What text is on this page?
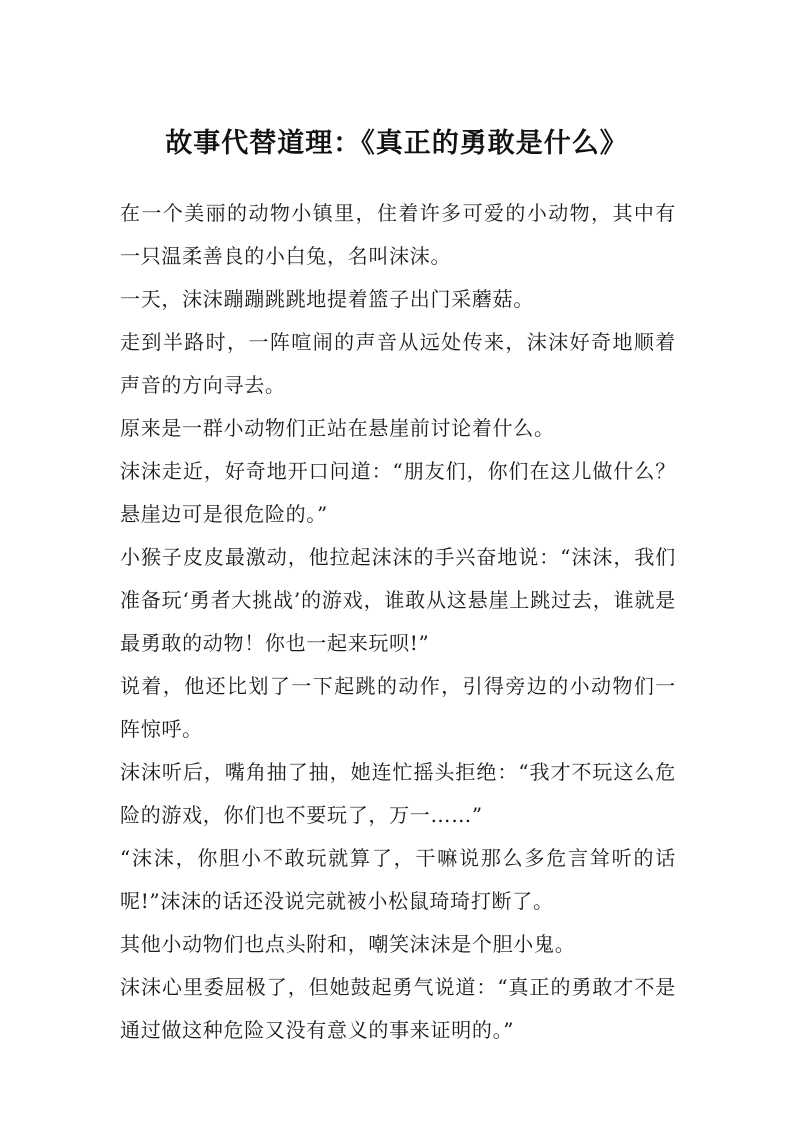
故事代替道理：《真正的勇敢是什么》

在一个美丽的动物小镇里，住着许多可爱的小动物，其中有一只温柔善良的小白兔，名叫沫沫。

一天，沫沫蹦蹦跳跳地提着篮子出门采蘑菇。

走到半路时，一阵喧闹的声音从远处传来，沫沫好奇地顺着声音的方向寻去。

原来是一群小动物们正站在悬崖前讨论着什么。

沫沫走近，好奇地开口问道：“朋友们，你们在这儿做什么？悬崖边可是很危险的。”

小猴子皮皮最激动，他拉起沫沫的手兴奋地说：“沫沫，我们准备玩‘勇者大挑战’的游戏，谁敢从这悬崖上跳过去，谁就是最勇敢的动物！你也一起来玩呗!”

说着，他还比划了一下起跳的动作，引得旁边的小动物们一阵惊呼。

沫沫听后，嘴角抽了抽，她连忙摇头拒绝：“我才不玩这么危险的游戏，你们也不要玩了，万一……”

“沫沫，你胆小不敢玩就算了，干嘛说那么多危言耸听的话呢!”沫沫的话还没说完就被小松鼠琦琦打断了。

其他小动物们也点头附和，嘲笑沫沫是个胆小鬼。

沫沫心里委屈极了，但她鼓起勇气说道：“真正的勇敢才不是通过做这种危险又没有意义的事来证明的。”
